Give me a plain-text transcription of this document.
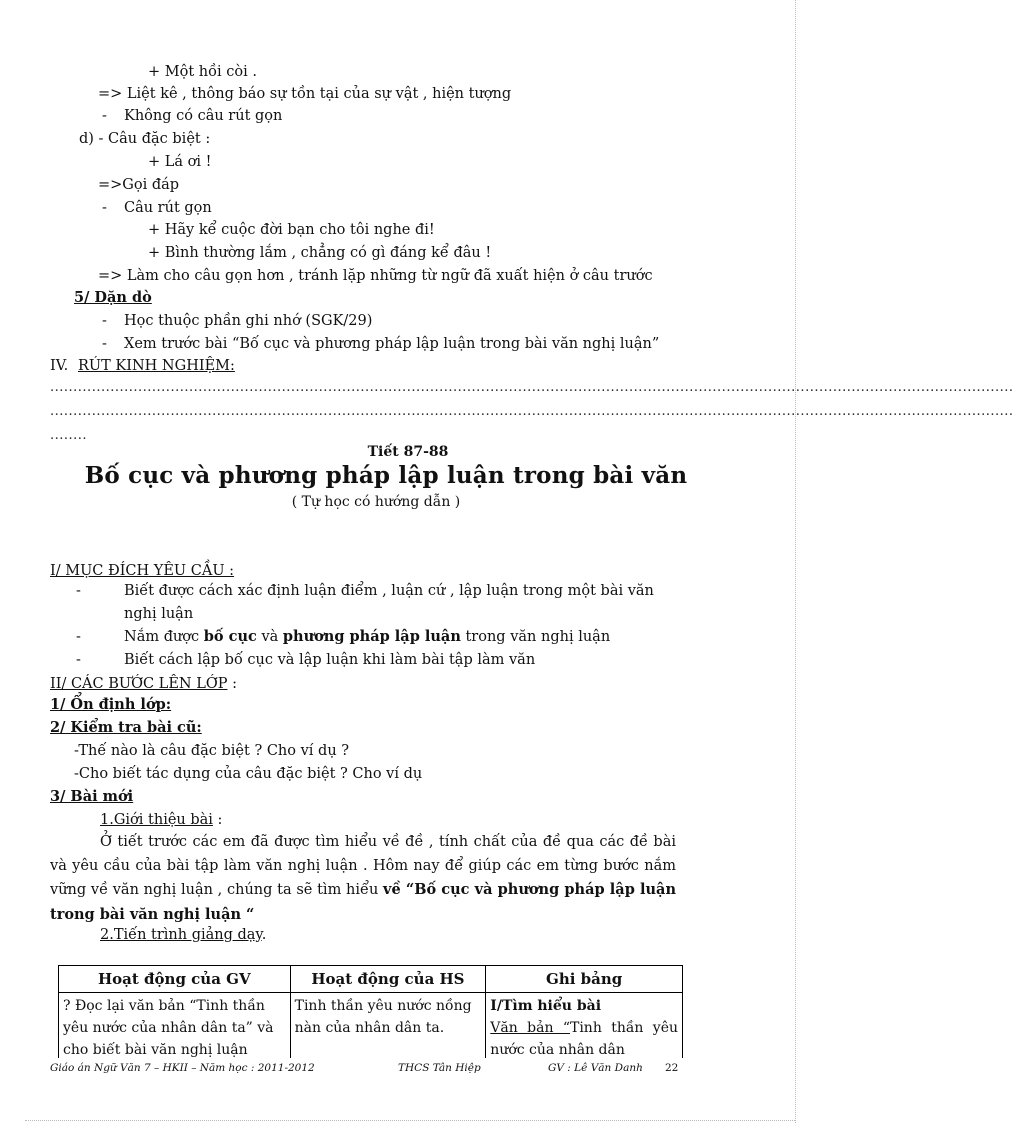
+ Một hồi còi .
=> Liệt kê , thông báo sự tồn tại của sự vật , hiện tượng
- Không có câu rút gọn
d) - Câu đặc biệt :
+ Lá ơi !
=>Gọi đáp
- Câu rút gọn
+ Hãy kể cuộc đời bạn cho tôi nghe đi!
+ Bình thường lắm , chẳng có gì đáng kể đâu !
=> Làm cho câu gọn hơn , tránh lặp những từ ngữ đã xuất hiện ở câu trước
5/ Dặn dò
- Học thuộc phần ghi nhớ (SGK/29)
- Xem trước bài “Bố cục và phương pháp lập luận trong bài văn nghị luận”
IV. RÚT KINH NGHIỆM:
................................................................................................................................................................................................................
................................................................................................................................................................................................................
........
Tiết 87-88
Bố cục và phương pháp lập luận trong bài văn
( Tự học có hướng dẫn )
I/ MỤC ĐÍCH YÊU CẦU :
-	Biết được cách xác định luận điểm , luận cứ , lập luận trong một bài văn
nghị luận
-	Nắm được bố cục và phương pháp lập luận trong văn nghị luận
-	Biết cách lập bố cục và lập luận khi làm bài tập làm văn
II/ CÁC BƯỚC LÊN LỚP :
1/ Ổn định lớp:
2/ Kiểm tra bài cũ:
-Thế nào là câu đặc biệt ? Cho ví dụ ?
-Cho biết tác dụng của câu đặc biệt ? Cho ví dụ
3/ Bài mới
1.Giới thiệu bài :
Ở tiết trước các em đã được tìm hiểu về đề , tính chất của đề qua các đề bài và yêu cầu của bài tập làm văn nghị luận . Hôm nay để giúp các em từng bước nắm vững về văn nghị luận , chúng ta sẽ tìm hiểu về “Bố cục và phương pháp lập luận trong bài văn nghị luận “
2.Tiến trình giảng dạy.
Hoạt động của GV	Hoạt động của HS	Ghi bảng
? Đọc lại văn bản “Tinh thần yêu nước của nhân dân ta” và cho biết bài văn nghị luận	Tinh thần yêu nước nồng nàn của nhân dân ta.	I/Tìm hiểu bài
Văn bản “Tinh thần yêu nước của nhân dân
Giáo án Ngữ Văn 7 – HKII – Năm học : 2011-2012	THCS Tân Hiệp	GV : Lê Văn Danh 22
